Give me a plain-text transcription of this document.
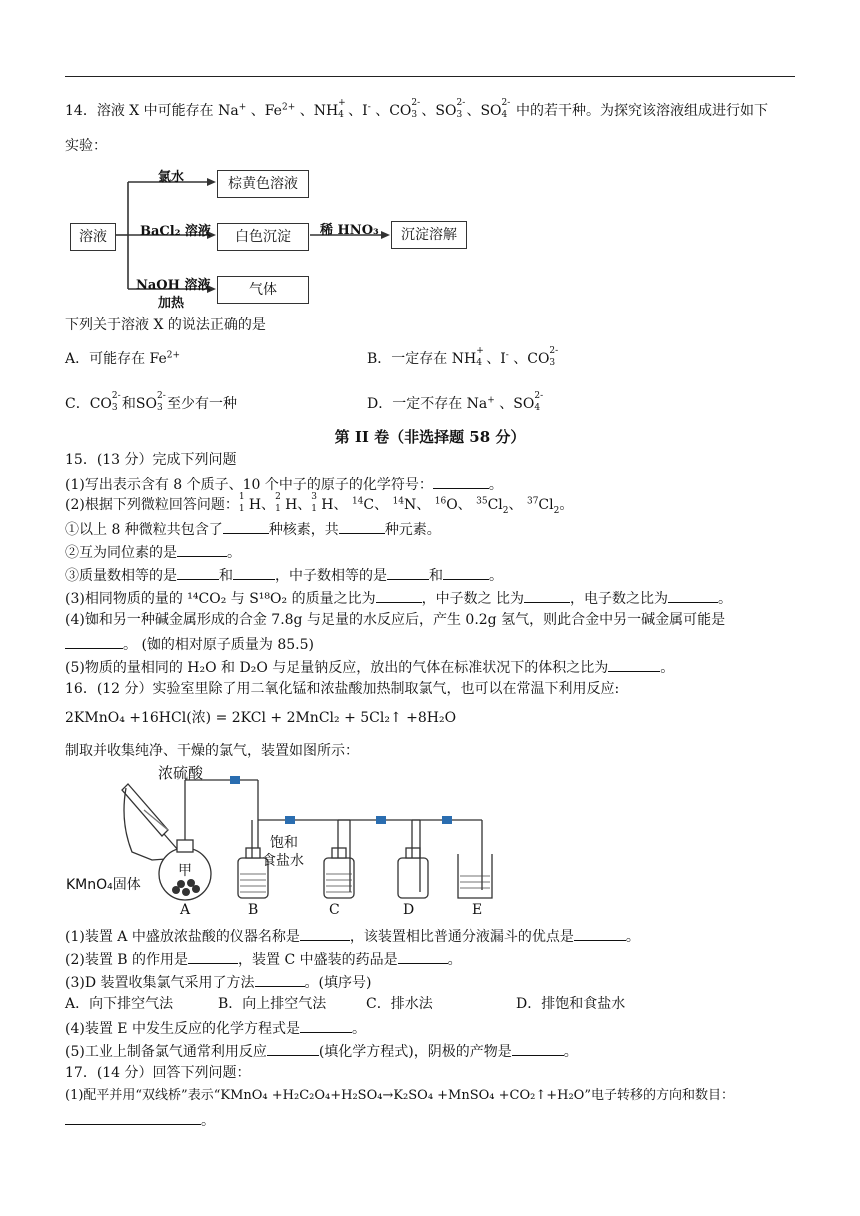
14．溶液 X 中可能存在 Na+ 、$Fe^{2+}$ 、NH +
4 、I- 、CO 2-
3 、SO 2-
3 、SO 2-
4 中的若干种。为探究该溶液组成进行如下
实验：
溶液
棕黄色溶液
白色沉淀	沉淀溶解
气体
氯水
BaCl₂ 溶液	稀 HNO₃
NaOH 溶液
加热
下列关于溶液 X 的说法正确的是
A．可能存在 $Fe^{2+}$	B．一定存在 NH +
4 、I- 、CO 2-
3
C．CO 2-
3 和SO 2-
3 至少有一种	D．一定不存在 Na+ 、SO 2-
4
第 II 卷（非选择题 58 分）
15．(13 分）完成下列问题
(1)写出表示含有 8 个质子、10 个中子的原子的化学符号：	。
(2)根据下列微粒回答问题： 1
1 H、 2
1 H、 3
1 H、 $^{14}$C、 $^{14}$N、 $^{16}$O、 $^{35}Cl_2$、 $^{37}Cl_2$。
①以上 8 种微粒共包含了	种核素，共	种元素。
②互为同位素的是	。
③质量数相等的是	和	，中子数相等的是	和	。
(3)相同物质的量的 ¹⁴CO₂ 与 S¹⁸O₂ 的质量之比为	，中子数之 比为	，电子数之比为	。
(4)铷和另一种碱金属形成的合金 7.8g 与足量的水反应后，产生 0.2g 氢气，则此合金中另一碱金属可能是
。 (铷的相对原子质量为 85.5)
(5)物质的量相同的 H₂O 和 D₂O 与足量钠反应，放出的气体在标准状况下的体积之比为	。
16．(12 分）实验室里除了用二氧化锰和浓盐酸加热制取氯气，也可以在常温下利用反应:
2KMnO₄ +16HCl(浓) = 2KCl + 2MnCl₂ + 5Cl₂↑ +8H₂O
制取并收集纯净、干燥的氯气，装置如图所示：
浓硫酸
甲
KMnO₄固体
饱和
食盐水
A	B	C	D	E
(1)装置 A 中盛放浓盐酸的仪器名称是	，该装置相比普通分液漏斗的优点是	。
(2)装置 B 的作用是	，装置 C 中盛装的药品是	。
(3)D 装置收集氯气采用了方法	。(填序号)
A．向下排空气法	B．向上排空气法	C．排水法	D．排饱和食盐水
(4)装置 E 中发生反应的化学方程式是	。
(5)工业上制备氯气通常利用反应	(填化学方程式)，阴极的产物是	。
17．(14 分）回答下列问题：
(1)配平并用“双线桥”表示“KMnO₄ +H₂C₂O₄+H₂SO₄→K₂SO₄ +MnSO₄ +CO₂↑+H₂O”电子转移的方向和数目：
。
